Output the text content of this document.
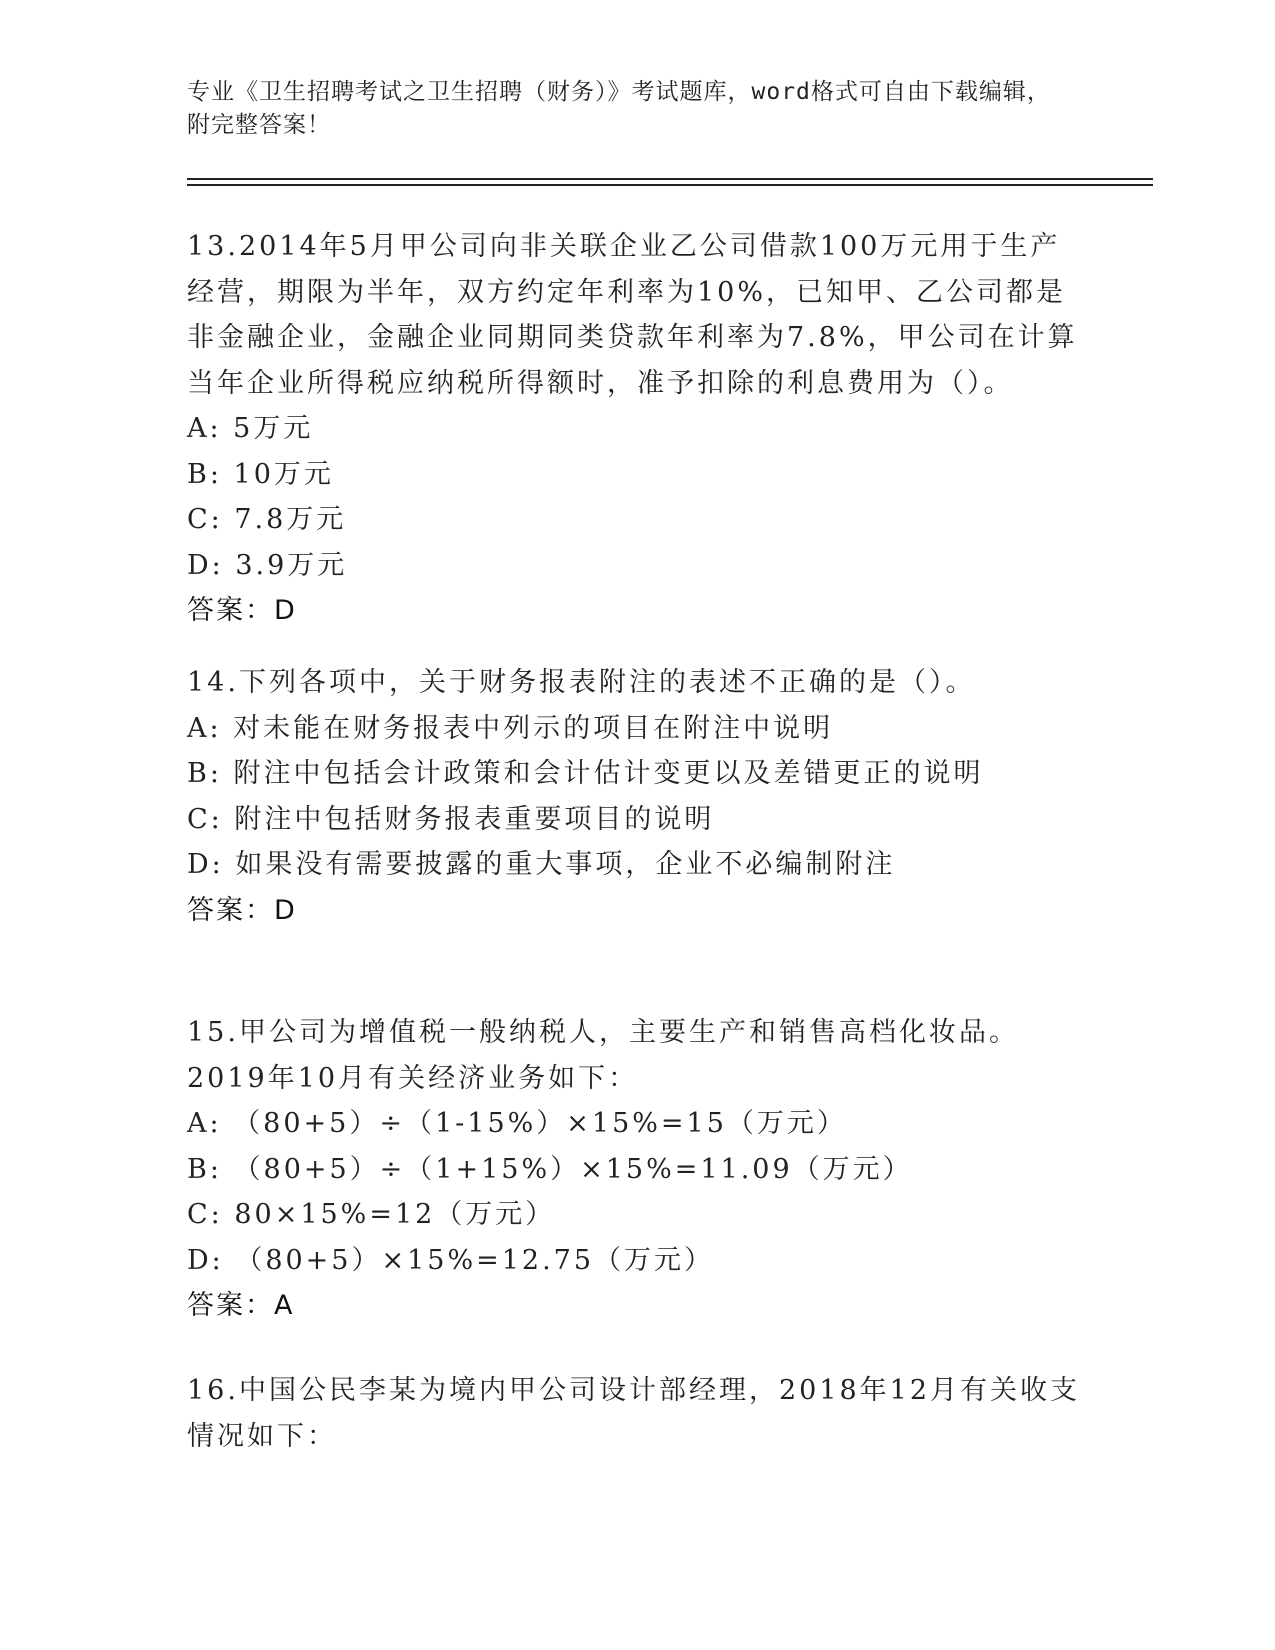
专业《卫生招聘考试之卫生招聘（财务）》考试题库，word格式可自由下载编辑，附完整答案！
13.2014年5月甲公司向非关联企业乙公司借款100万元用于生产经营，期限为半年，双方约定年利率为10%，已知甲、乙公司都是非金融企业，金融企业同期同类贷款年利率为7.8%，甲公司在计算当年企业所得税应纳税所得额时，准予扣除的利息费用为（）。
A: 5万元
B: 10万元
C: 7.8万元
D: 3.9万元
答案：D
14.下列各项中，关于财务报表附注的表述不正确的是（）。
A: 对未能在财务报表中列示的项目在附注中说明
B: 附注中包括会计政策和会计估计变更以及差错更正的说明
C: 附注中包括财务报表重要项目的说明
D: 如果没有需要披露的重大事项，企业不必编制附注
答案：D
15.甲公司为增值税一般纳税人，主要生产和销售高档化妆品。2019年10月有关经济业务如下：
A: （80+5）÷（1-15%）×15%=15（万元）
B: （80+5）÷（1+15%）×15%=11.09（万元）
C: 80×15%=12（万元）
D: （80+5）×15%=12.75（万元）
答案：A
16.中国公民李某为境内甲公司设计部经理，2018年12月有关收支情况如下：
